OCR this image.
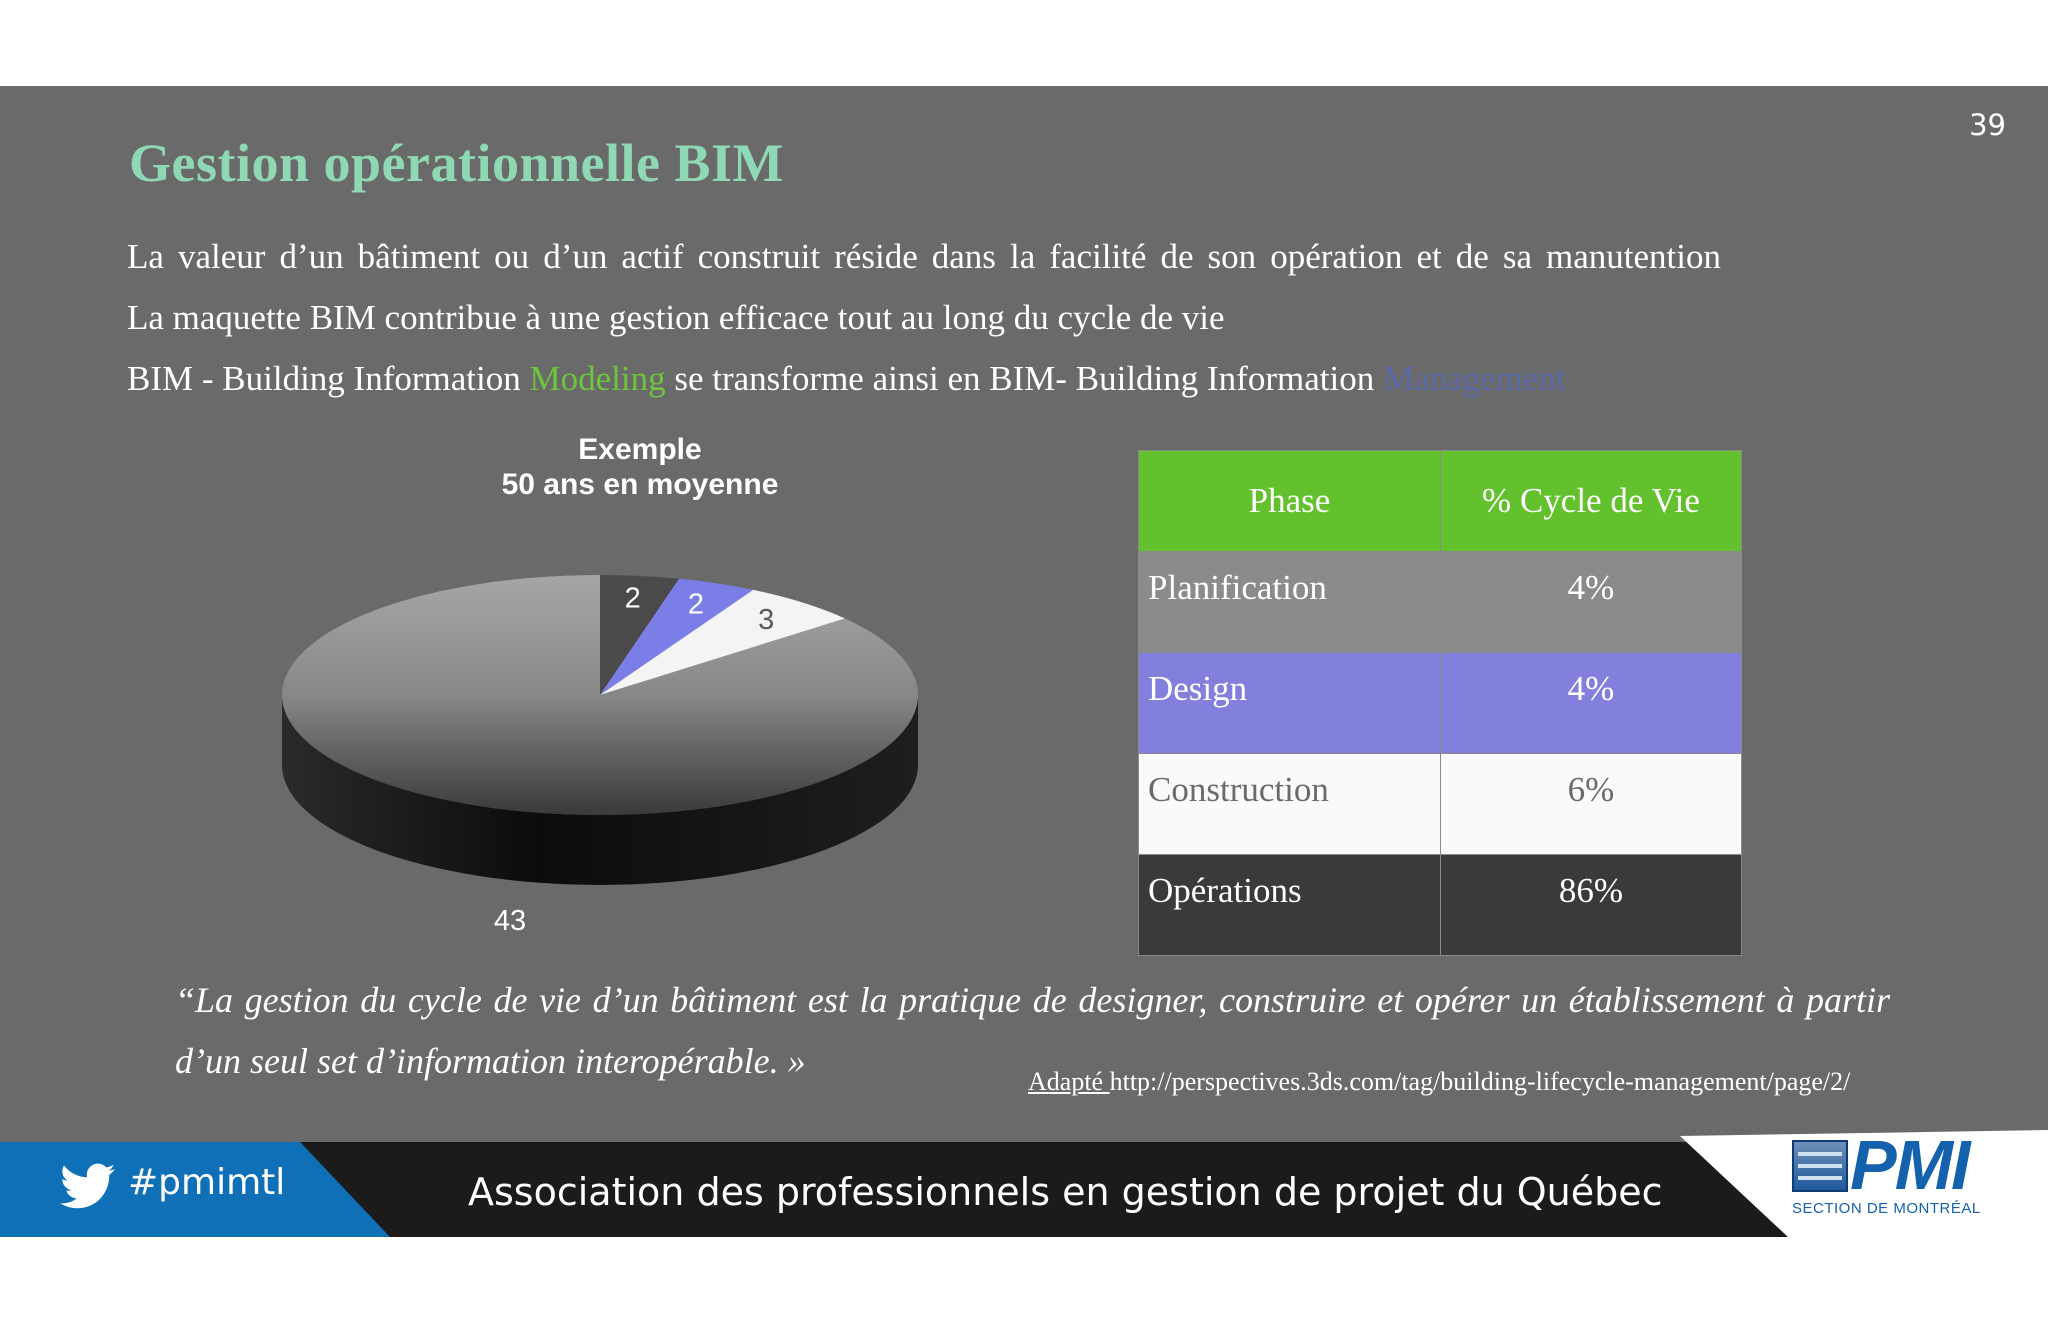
39
Gestion opérationnelle BIM
La valeur d’un bâtiment ou d’un actif construit réside dans la facilité de son opération et de sa manutention
La maquette BIM contribue à une gestion efficace tout au long du cycle de vie
BIM - Building Information Modeling se transforme ainsi en BIM- Building Information Management
Exemple
50 ans en moyenne
2 2 3
43
Phase	% Cycle de Vie
Planification	4%
Design	4%
Construction	6%
Opérations	86%
“La gestion du cycle de vie d’un bâtiment est la pratique de designer, construire et opérer un établissement à partir
d’un seul set d’information interopérable. »
Adapté http://perspectives.3ds.com/tag/building-lifecycle-management/page/2/
#pmimtl	Association des professionnels en gestion de projet du Québec	PMI
SECTION DE MONTRÉAL
